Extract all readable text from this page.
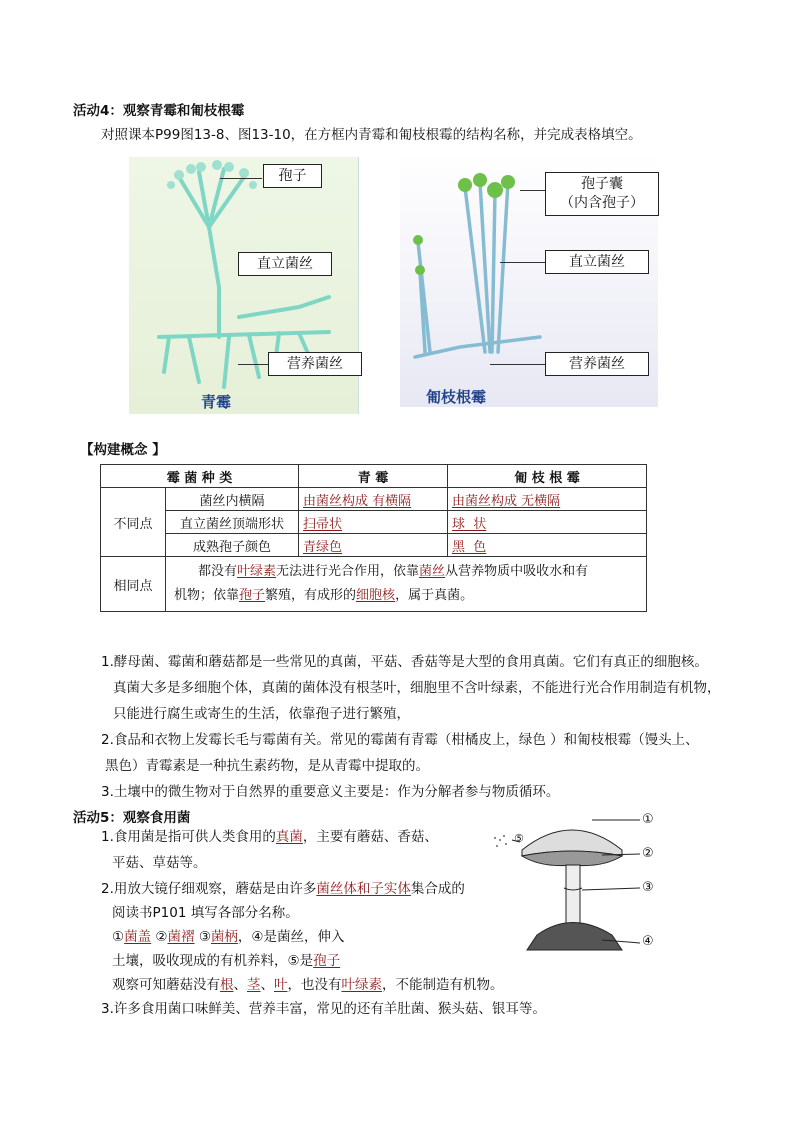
活动4：观察青霉和匍枝根霉
对照课本P99图13-8、图13-10，在方框内青霉和匍枝根霉的结构名称，并完成表格填空。
青霉
孢子
直立菌丝
营养菌丝
匍枝根霉
孢子囊
（内含孢子）
直立菌丝
营养菌丝
【构建概念 】
霉 菌 种 类		青 霉	匍 枝 根 霉
不同点	菌丝内横隔	由菌丝构成 有横隔	由菌丝构成 无横隔
	直立菌丝顶端形状	扫帚状	球  状
	成熟孢子颜色	青绿色	黑  色
相同点	都没有叶绿素无法进行光合作用，依靠菌丝从营养物质中吸收水和有
机物；依靠孢子繁殖，有成形的细胞核，属于真菌。		
1.酵母菌、霉菌和蘑菇都是一些常见的真菌，平菇、香菇等是大型的食用真菌。它们有真正的细胞核。
真菌大多是多细胞个体，真菌的菌体没有根茎叶，细胞里不含叶绿素，不能进行光合作用制造有机物，
只能进行腐生或寄生的生活，依靠孢子进行繁殖，
2.食品和衣物上发霉长毛与霉菌有关。常见的霉菌有青霉（柑橘皮上，绿色 ）和匍枝根霉（馒头上、
黑色）青霉素是一种抗生素药物，是从青霉中提取的。
3.土壤中的微生物对于自然界的重要意义主要是：作为分解者参与物质循环。
活动5：观察食用菌
1.食用菌是指可供人类食用的真菌，主要有蘑菇、香菇、
平菇、草菇等。
2.用放大镜仔细观察，蘑菇是由许多菌丝体和子实体集合成的
阅读书P101 填写各部分名称。
①菌盖 ②菌褶 ③菌柄，④是菌丝，伸入
土壤，吸收现成的有机养料，⑤是孢子
观察可知蘑菇没有根、茎、叶，也没有叶绿素，不能制造有机物。
3.许多食用菌口味鲜美、营养丰富，常见的还有羊肚菌、猴头菇、银耳等。
①
②
③
④
⑤
